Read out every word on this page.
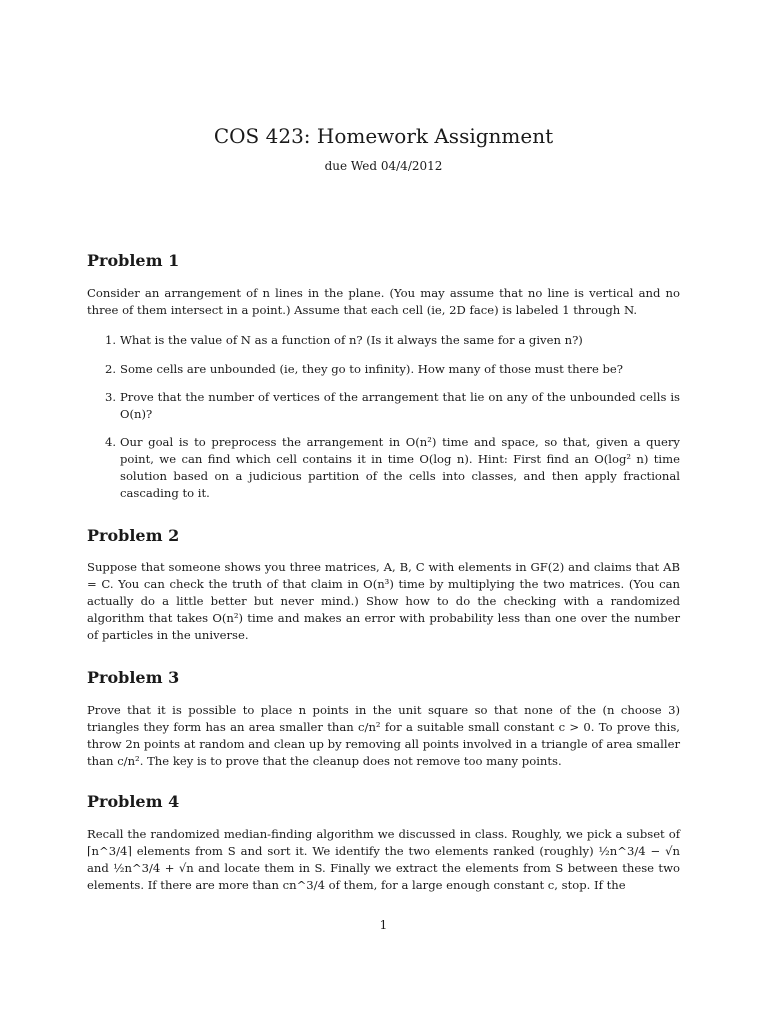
COS 423: Homework Assignment
due Wed 04/4/2012
Problem 1

Consider an arrangement of n lines in the plane. (You may assume that no line is vertical and no three of them intersect in a point.) Assume that each cell (ie, 2D face) is labeled 1 through N.

1. What is the value of N as a function of n? (Is it always the same for a given n?)
2. Some cells are unbounded (ie, they go to infinity). How many of those must there be?
3. Prove that the number of vertices of the arrangement that lie on any of the unbounded cells is O(n)?
4. Our goal is to preprocess the arrangement in O(n²) time and space, so that, given a query point, we can find which cell contains it in time O(log n). Hint: First find an O(log² n) time solution based on a judicious partition of the cells into classes, and then apply fractional cascading to it.
Problem 2

Suppose that someone shows you three matrices, A, B, C with elements in GF(2) and claims that AB = C. You can check the truth of that claim in O(n³) time by multiplying the two matrices. (You can actually do a little better but never mind.) Show how to do the checking with a randomized algorithm that takes O(n²) time and makes an error with probability less than one over the number of particles in the universe.

Problem 3

Prove that it is possible to place n points in the unit square so that none of the (n choose 3) triangles they form has an area smaller than c/n² for a suitable small constant c > 0. To prove this, throw 2n points at random and clean up by removing all points involved in a triangle of area smaller than c/n². The key is to prove that the cleanup does not remove too many points.

Problem 4

Recall the randomized median-finding algorithm we discussed in class. Roughly, we pick a subset of ⌈n^3/4⌉ elements from S and sort it. We identify the two elements ranked (roughly) ½n^3/4 − √n and ½n^3/4 + √n and locate them in S. Finally we extract the elements from S between these two elements. If there are more than cn^3/4 of them, for a large enough constant c, stop. If the

1
